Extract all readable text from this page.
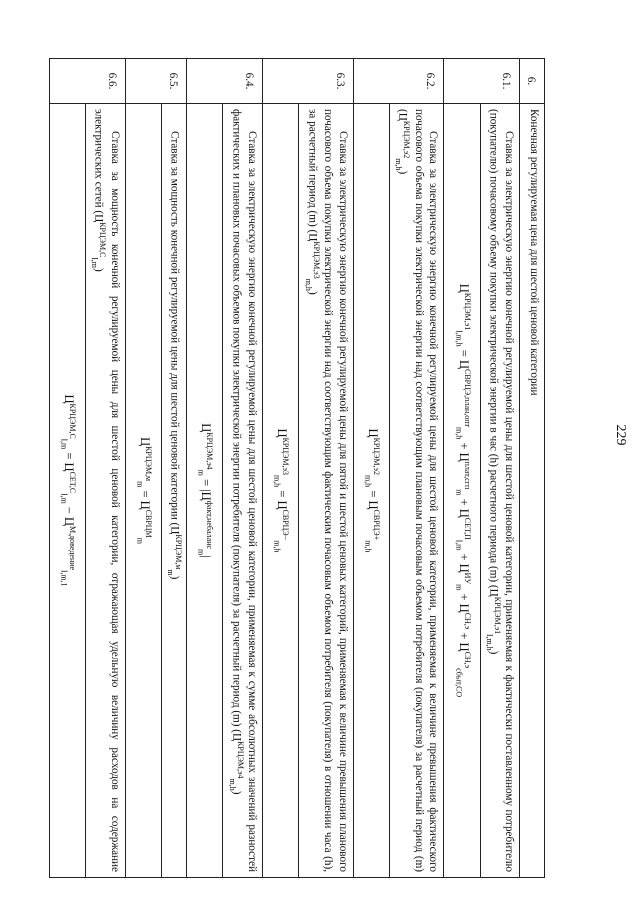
229
6.	Конечная регулируемая цена для шестой ценовой категории
6.1.	Ставка за электрическую энергию конечной регулируемой цены для шестой ценовой категории, применяемая к фактически поставленному потребителю (покупателю) почасовому объему покупки электрической энергии в час (h) расчетного периода (m) $(Ц^{КРЦЭМ,э1}_{l,m,h})$
	$Ц^{КРЦЭМ,э1}_{l,m,h} = Ц^{СВРЦЭ,план,опт}_{m,h} + Ц^{плат,сгп}_m + Ц^{СЕТ,П}_{l,m} + Ц^{ИУ}_m + Ц^{СН,э} + Ц^{СН,э}_{сбыт,СО}$
6.2.	Ставка за электрическую энергию конечной регулируемой цены для шестой ценовой категории, применяемая к величине превышения фактического почасового объема покупки электрической энергии над соответствующим плановым почасовым объемом потребителя (покупателя) за расчетный период (m) $(Ц^{КРЦЭМ,э2}_{m,h})$
	$Ц^{КРЦЭМ,э2}_{m,h} = Ц^{СВРЦЭ+}_{m,h}$
6.3.	Ставка за электрическую энергию конечной регулируемой цены для пятой и шестой ценовых категорий, применяемая к величине превышения планового почасового объема покупки электрической энергии над соответствующим фактическим почасовым объемом потребителя (покупателя) в отношении часа (h), за расчетный период (m) $(Ц^{КРЦЭМ,э3}_{m,h})$
	$Ц^{КРЦЭМ,э3}_{m,h} = Ц^{СВРЦЭ-}_{m,h}$
6.4.	Ставка за электрическую энергию конечной регулируемой цены для шестой ценовой категории, применяемая к сумме абсолютных значений разностей фактических и плановых почасовых объемов покупки электрической энергии потребителя (покупателя) за расчетный период (m) $(Ц^{КРЦЭМ,э4}_{m,h})$
	$Ц^{КРЦЭМ,э4}_m = |Ц^{факт,небаланс}_m|$
6.5.	Ставка за мощность конечной регулируемой цены для шестой ценовой категории $(Ц^{КРЦЭМ,м}_m)$
	$Ц^{КРЦЭМ,м}_m = Ц^{СВРЦМ}_m$
6.6.	Ставка за мощность конечной регулируемой цены для шестой ценовой категории, отражающая удельную величину расходов на содержание электрических сетей $(Ц^{КРЦЭМ,С}_{l,m})$
	$Ц^{КРЦЭМ,С}_{l,m} = Ц^{СЕТ,С}_{l,m} - Ц^{М,доведение}_{l,m,1}$
